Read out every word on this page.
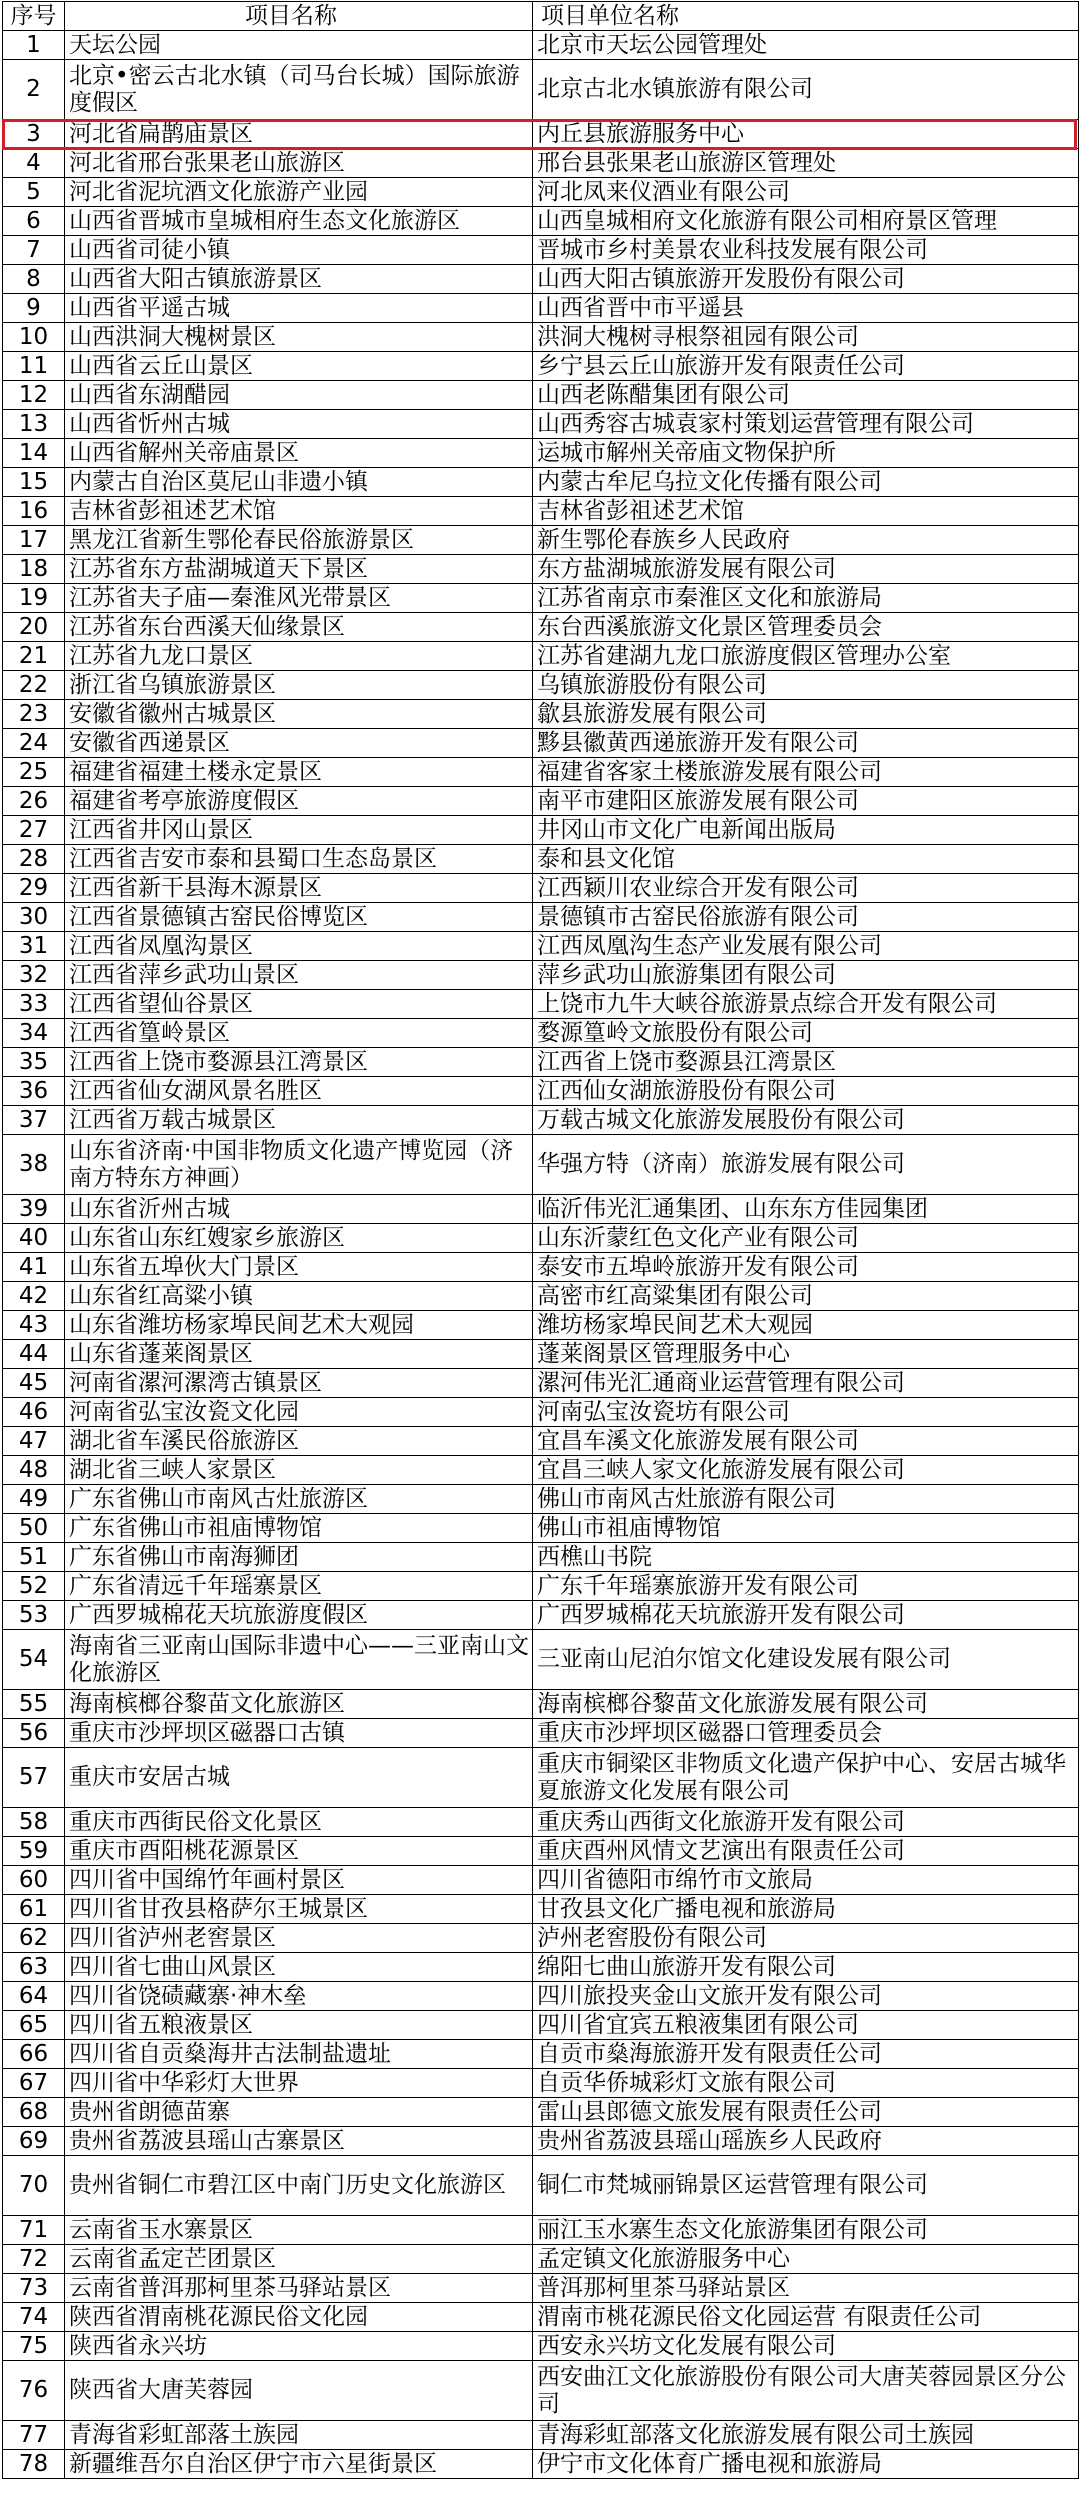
序号	项目名称	项目单位名称
1	天坛公园	北京市天坛公园管理处
2	北京•密云古北水镇（司马台长城）国际旅游度假区	北京古北水镇旅游有限公司
3	河北省扁鹊庙景区	内丘县旅游服务中心
4	河北省邢台张果老山旅游区	邢台县张果老山旅游区管理处
5	河北省泥坑酒文化旅游产业园	河北凤来仪酒业有限公司
6	山西省晋城市皇城相府生态文化旅游区	山西皇城相府文化旅游有限公司相府景区管理
7	山西省司徒小镇	晋城市乡村美景农业科技发展有限公司
8	山西省大阳古镇旅游景区	山西大阳古镇旅游开发股份有限公司
9	山西省平遥古城	山西省晋中市平遥县
10	山西洪洞大槐树景区	洪洞大槐树寻根祭祖园有限公司
11	山西省云丘山景区	乡宁县云丘山旅游开发有限责任公司
12	山西省东湖醋园	山西老陈醋集团有限公司
13	山西省忻州古城	山西秀容古城袁家村策划运营管理有限公司
14	山西省解州关帝庙景区	运城市解州关帝庙文物保护所
15	内蒙古自治区莫尼山非遗小镇	内蒙古牟尼乌拉文化传播有限公司
16	吉林省彭祖述艺术馆	吉林省彭祖述艺术馆
17	黑龙江省新生鄂伦春民俗旅游景区	新生鄂伦春族乡人民政府
18	江苏省东方盐湖城道天下景区	东方盐湖城旅游发展有限公司
19	江苏省夫子庙—秦淮风光带景区	江苏省南京市秦淮区文化和旅游局
20	江苏省东台西溪天仙缘景区	东台西溪旅游文化景区管理委员会
21	江苏省九龙口景区	江苏省建湖九龙口旅游度假区管理办公室
22	浙江省乌镇旅游景区	乌镇旅游股份有限公司
23	安徽省徽州古城景区	歙县旅游发展有限公司
24	安徽省西递景区	黟县徽黄西递旅游开发有限公司
25	福建省福建土楼永定景区	福建省客家土楼旅游发展有限公司
26	福建省考亭旅游度假区	南平市建阳区旅游发展有限公司
27	江西省井冈山景区	井冈山市文化广电新闻出版局
28	江西省吉安市泰和县蜀口生态岛景区	泰和县文化馆
29	江西省新干县海木源景区	江西颖川农业综合开发有限公司
30	江西省景德镇古窑民俗博览区	景德镇市古窑民俗旅游有限公司
31	江西省凤凰沟景区	江西凤凰沟生态产业发展有限公司
32	江西省萍乡武功山景区	萍乡武功山旅游集团有限公司
33	江西省望仙谷景区	上饶市九牛大峡谷旅游景点综合开发有限公司
34	江西省篁岭景区	婺源篁岭文旅股份有限公司
35	江西省上饶市婺源县江湾景区	江西省上饶市婺源县江湾景区
36	江西省仙女湖风景名胜区	江西仙女湖旅游股份有限公司
37	江西省万载古城景区	万载古城文化旅游发展股份有限公司
38	山东省济南·中国非物质文化遗产博览园（济南方特东方神画）	华强方特（济南）旅游发展有限公司
39	山东省沂州古城	临沂伟光汇通集团、山东东方佳园集团
40	山东省山东红嫂家乡旅游区	山东沂蒙红色文化产业有限公司
41	山东省五埠伙大门景区	泰安市五埠岭旅游开发有限公司
42	山东省红高粱小镇	高密市红高粱集团有限公司
43	山东省潍坊杨家埠民间艺术大观园	潍坊杨家埠民间艺术大观园
44	山东省蓬莱阁景区	蓬莱阁景区管理服务中心
45	河南省漯河漯湾古镇景区	漯河伟光汇通商业运营管理有限公司
46	河南省弘宝汝瓷文化园	河南弘宝汝瓷坊有限公司
47	湖北省车溪民俗旅游区	宜昌车溪文化旅游发展有限公司
48	湖北省三峡人家景区	宜昌三峡人家文化旅游发展有限公司
49	广东省佛山市南风古灶旅游区	佛山市南风古灶旅游有限公司
50	广东省佛山市祖庙博物馆	佛山市祖庙博物馆
51	广东省佛山市南海狮团	西樵山书院
52	广东省清远千年瑶寨景区	广东千年瑶寨旅游开发有限公司
53	广西罗城棉花天坑旅游度假区	广西罗城棉花天坑旅游开发有限公司
54	海南省三亚南山国际非遗中心——三亚南山文化旅游区	三亚南山尼泊尔馆文化建设发展有限公司
55	海南槟榔谷黎苗文化旅游区	海南槟榔谷黎苗文化旅游发展有限公司
56	重庆市沙坪坝区磁器口古镇	重庆市沙坪坝区磁器口管理委员会
57	重庆市安居古城	重庆市铜梁区非物质文化遗产保护中心、安居古城华夏旅游文化发展有限公司
58	重庆市西街民俗文化景区	重庆秀山西街文化旅游开发有限公司
59	重庆市酉阳桃花源景区	重庆酉州风情文艺演出有限责任公司
60	四川省中国绵竹年画村景区	四川省德阳市绵竹市文旅局
61	四川省甘孜县格萨尔王城景区	甘孜县文化广播电视和旅游局
62	四川省泸州老窖景区	泸州老窖股份有限公司
63	四川省七曲山风景区	绵阳七曲山旅游开发有限公司
64	四川省饶碛藏寨·神木垒	四川旅投夹金山文旅开发有限公司
65	四川省五粮液景区	四川省宜宾五粮液集团有限公司
66	四川省自贡燊海井古法制盐遗址	自贡市燊海旅游开发有限责任公司
67	四川省中华彩灯大世界	自贡华侨城彩灯文旅有限公司
68	贵州省朗德苗寨	雷山县郎德文旅发展有限责任公司
69	贵州省荔波县瑶山古寨景区	贵州省荔波县瑶山瑶族乡人民政府
70	贵州省铜仁市碧江区中南门历史文化旅游区	铜仁市梵城丽锦景区运营管理有限公司
71	云南省玉水寨景区	丽江玉水寨生态文化旅游集团有限公司
72	云南省孟定芒团景区	孟定镇文化旅游服务中心
73	云南省普洱那柯里茶马驿站景区	普洱那柯里茶马驿站景区
74	陕西省渭南桃花源民俗文化园	渭南市桃花源民俗文化园运营 有限责任公司
75	陕西省永兴坊	西安永兴坊文化发展有限公司
76	陕西省大唐芙蓉园	西安曲江文化旅游股份有限公司大唐芙蓉园景区分公司
77	青海省彩虹部落土族园	青海彩虹部落文化旅游发展有限公司土族园
78	新疆维吾尔自治区伊宁市六星街景区	伊宁市文化体育广播电视和旅游局
